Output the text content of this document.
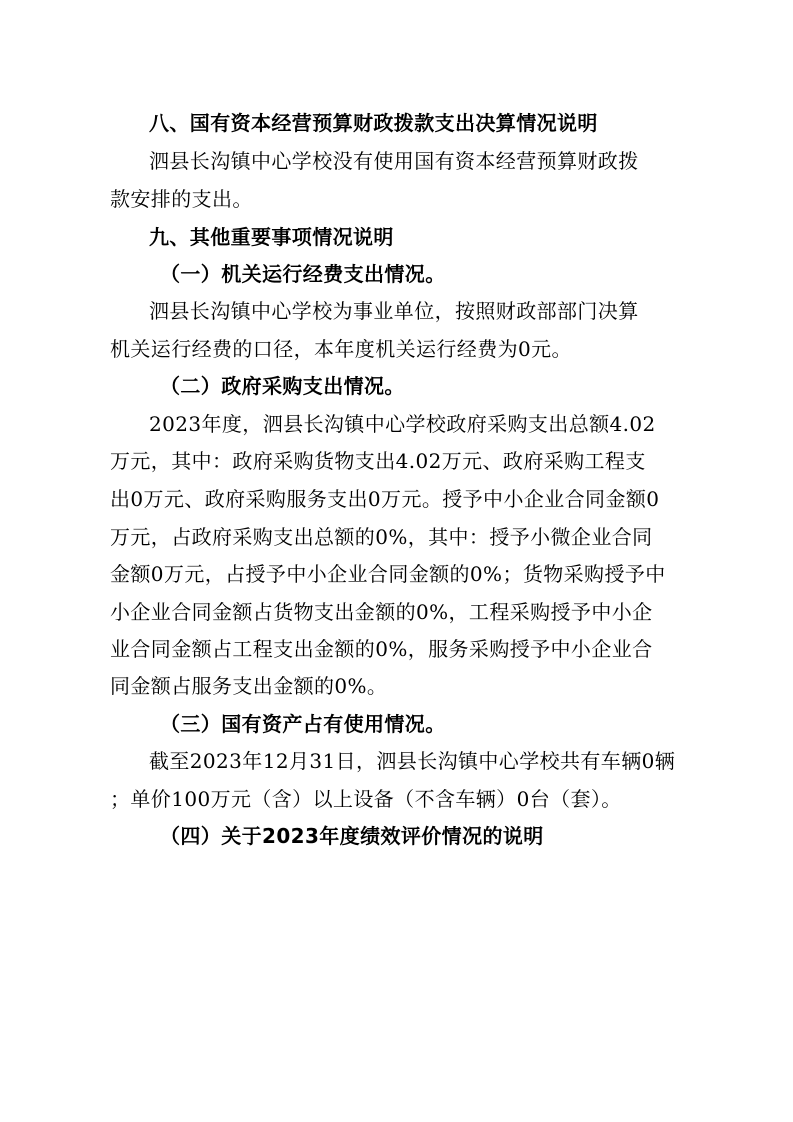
八、国有资本经营预算财政拨款支出决算情况说明
泗县长沟镇中心学校没有使用国有资本经营预算财政拨
款安排的支出。
九、其他重要事项情况说明
（一）机关运行经费支出情况。
泗县长沟镇中心学校为事业单位，按照财政部部门决算
机关运行经费的口径，本年度机关运行经费为0元。
（二）政府采购支出情况。
2023年度，泗县长沟镇中心学校政府采购支出总额4.02
万元，其中：政府采购货物支出4.02万元、政府采购工程支
出0万元、政府采购服务支出0万元。授予中小企业合同金额0
万元，占政府采购支出总额的0%，其中：授予小微企业合同
金额0万元，占授予中小企业合同金额的0%；货物采购授予中
小企业合同金额占货物支出金额的0%，工程采购授予中小企
业合同金额占工程支出金额的0%，服务采购授予中小企业合
同金额占服务支出金额的0%。
（三）国有资产占有使用情况。
截至2023年12月31日，泗县长沟镇中心学校共有车辆0辆
；单价100万元（含）以上设备（不含车辆）0台（套）。
（四）关于2023年度绩效评价情况的说明
